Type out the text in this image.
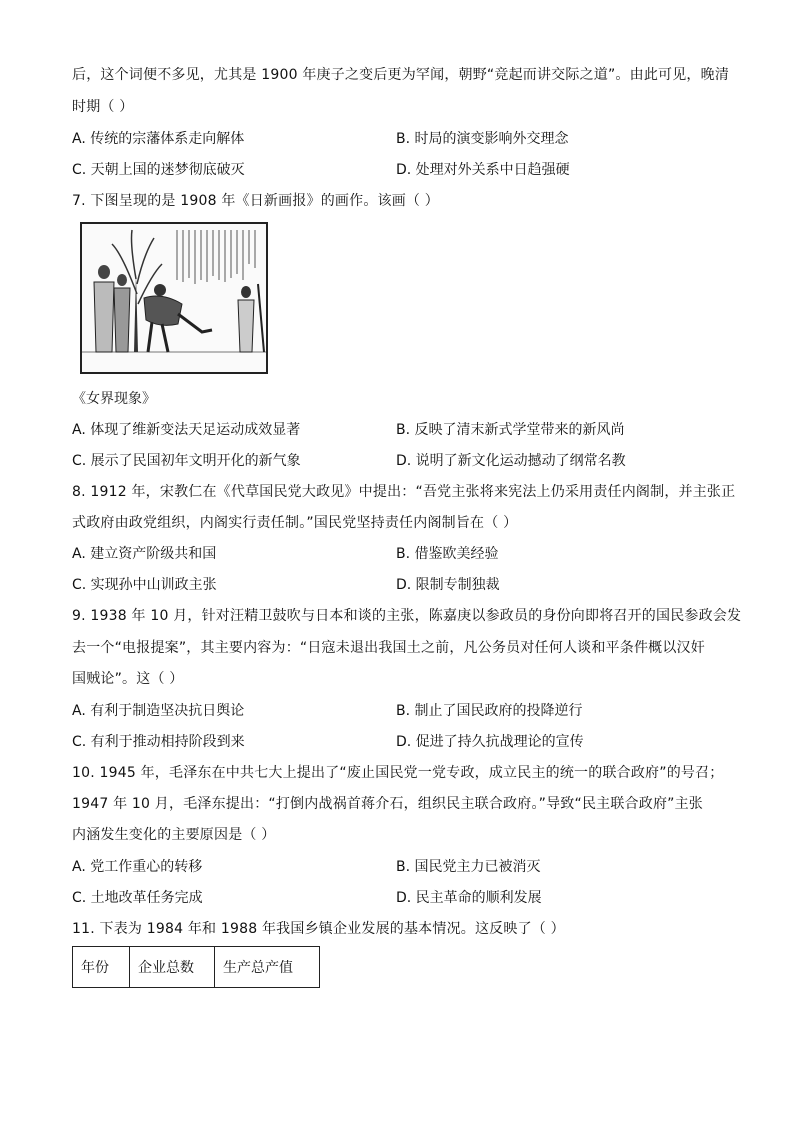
后，这个词便不多见，尤其是 1900 年庚子之变后更为罕闻，朝野“竞起而讲交际之道”。由此可见，晚清
时期（ ）
A. 传统的宗藩体系走向解体	B. 时局的演变影响外交理念
C. 天朝上国的迷梦彻底破灭	D. 处理对外关系中日趋强硬
7. 下图呈现的是 1908 年《日新画报》的画作。该画（ ）
《女界现象》
A. 体现了维新变法天足运动成效显著	B. 反映了清末新式学堂带来的新风尚
C. 展示了民国初年文明开化的新气象	D. 说明了新文化运动撼动了纲常名教
8. 1912 年，宋教仁在《代草国民党大政见》中提出：“吾党主张将来宪法上仍采用责任内阁制，并主张正
式政府由政党组织，内阁实行责任制。”国民党坚持责任内阁制旨在（ ）
A. 建立资产阶级共和国	B. 借鉴欧美经验
C. 实现孙中山训政主张	D. 限制专制独裁
9. 1938 年 10 月，针对汪精卫鼓吹与日本和谈的主张，陈嘉庚以参政员的身份向即将召开的国民参政会发
去一个“电报提案”，其主要内容为：“日寇未退出我国土之前，凡公务员对任何人谈和平条件概以汉奸
国贼论”。这（ ）
A. 有利于制造坚决抗日舆论	B. 制止了国民政府的投降逆行
C. 有利于推动相持阶段到来	D. 促进了持久抗战理论的宣传
10. 1945 年，毛泽东在中共七大上提出了“废止国民党一党专政，成立民主的统一的联合政府”的号召；
1947 年 10 月，毛泽东提出：“打倒内战祸首蒋介石，组织民主联合政府。”导致“民主联合政府”主张
内涵发生变化的主要原因是（ ）
A. 党工作重心的转移	B. 国民党主力已被消灭
C. 土地改革任务完成	D. 民主革命的顺利发展
11. 下表为 1984 年和 1988 年我国乡镇企业发展的基本情况。这反映了（ ）
年份	企业总数	生产总产值
